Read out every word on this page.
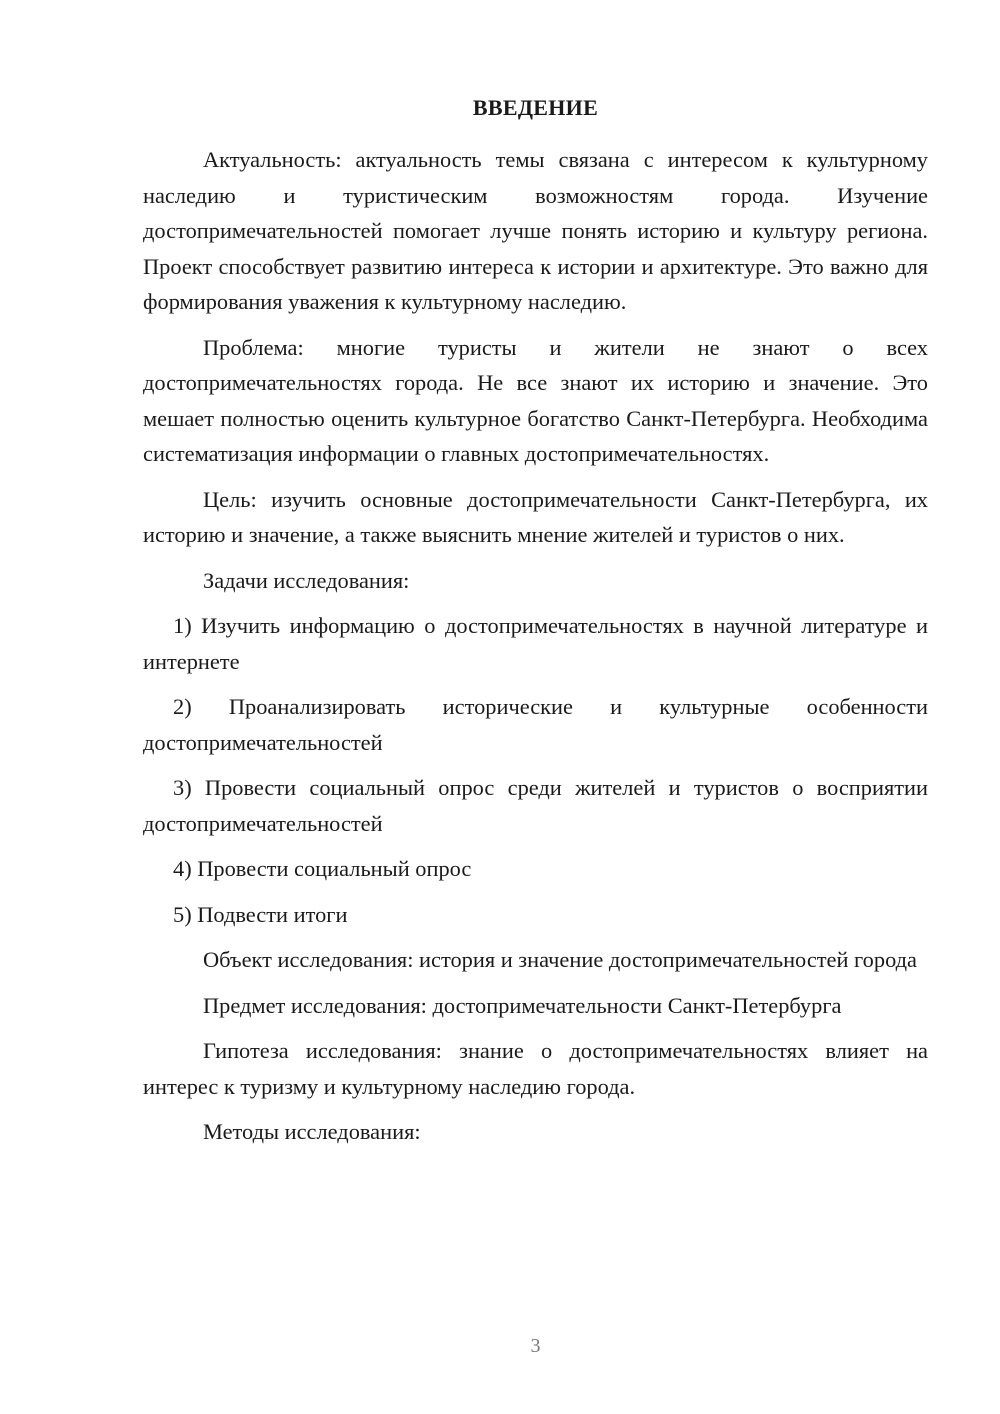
ВВЕДЕНИЕ

Актуальность: актуальность темы связана с интересом к культурному наследию и туристическим возможностям города. Изучение достопримечательностей помогает лучше понять историю и культуру региона. Проект способствует развитию интереса к истории и архитектуре. Это важно для формирования уважения к культурному наследию.

Проблема: многие туристы и жители не знают о всех достопримечательностях города. Не все знают их историю и значение. Это мешает полностью оценить культурное богатство Санкт-Петербурга. Необходима систематизация информации о главных достопримечательностях.

Цель: изучить основные достопримечательности Санкт-Петербурга, их историю и значение, а также выяснить мнение жителей и туристов о них.

Задачи исследования:

1) Изучить информацию о достопримечательностях в научной литературе и интернете

2) Проанализировать исторические и культурные особенности достопримечательностей

3) Провести социальный опрос среди жителей и туристов о восприятии достопримечательностей

4) Провести социальный опрос

5) Подвести итоги

Объект исследования: история и значение достопримечательностей города

Предмет исследования: достопримечательности Санкт-Петербурга

Гипотеза исследования: знание о достопримечательностях влияет на интерес к туризму и культурному наследию города.

Методы исследования:

3
